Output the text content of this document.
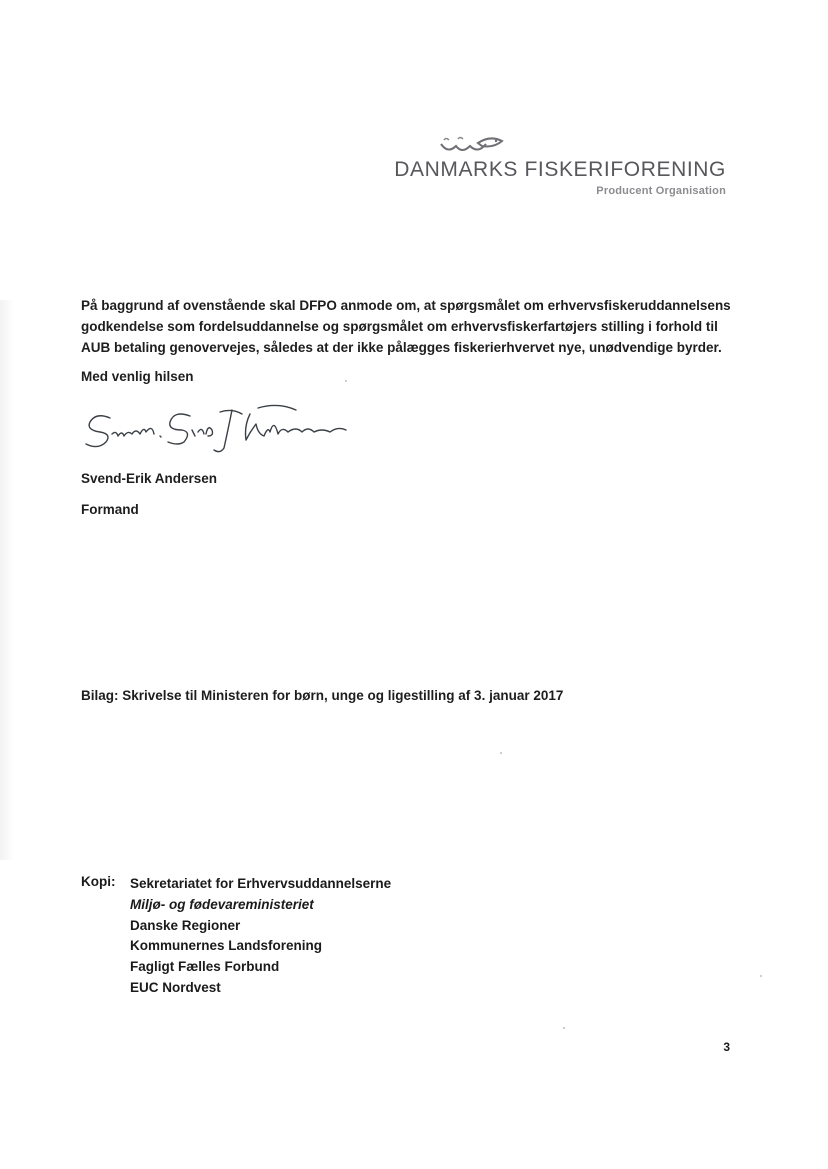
DANMARKS FISKERIFORENING
Producent Organisation
På baggrund af ovenstående skal DFPO anmode om, at spørgsmålet om erhvervsfiskeruddannelsens
godkendelse som fordelsuddannelse og spørgsmålet om erhvervsfiskerfartøjers stilling i forhold til
AUB betaling genovervejes, således at der ikke pålægges fiskerierhvervet nye, unødvendige byrder.
Med venlig hilsen
Svend-Erik Andersen
Formand
Bilag: Skrivelse til Ministeren for børn, unge og ligestilling af 3. januar 2017
Kopi: Sekretariatet for Erhvervsuddannelserne
Miljø- og fødevareministeriet
Danske Regioner
Kommunernes Landsforening
Fagligt Fælles Forbund
EUC Nordvest
3
